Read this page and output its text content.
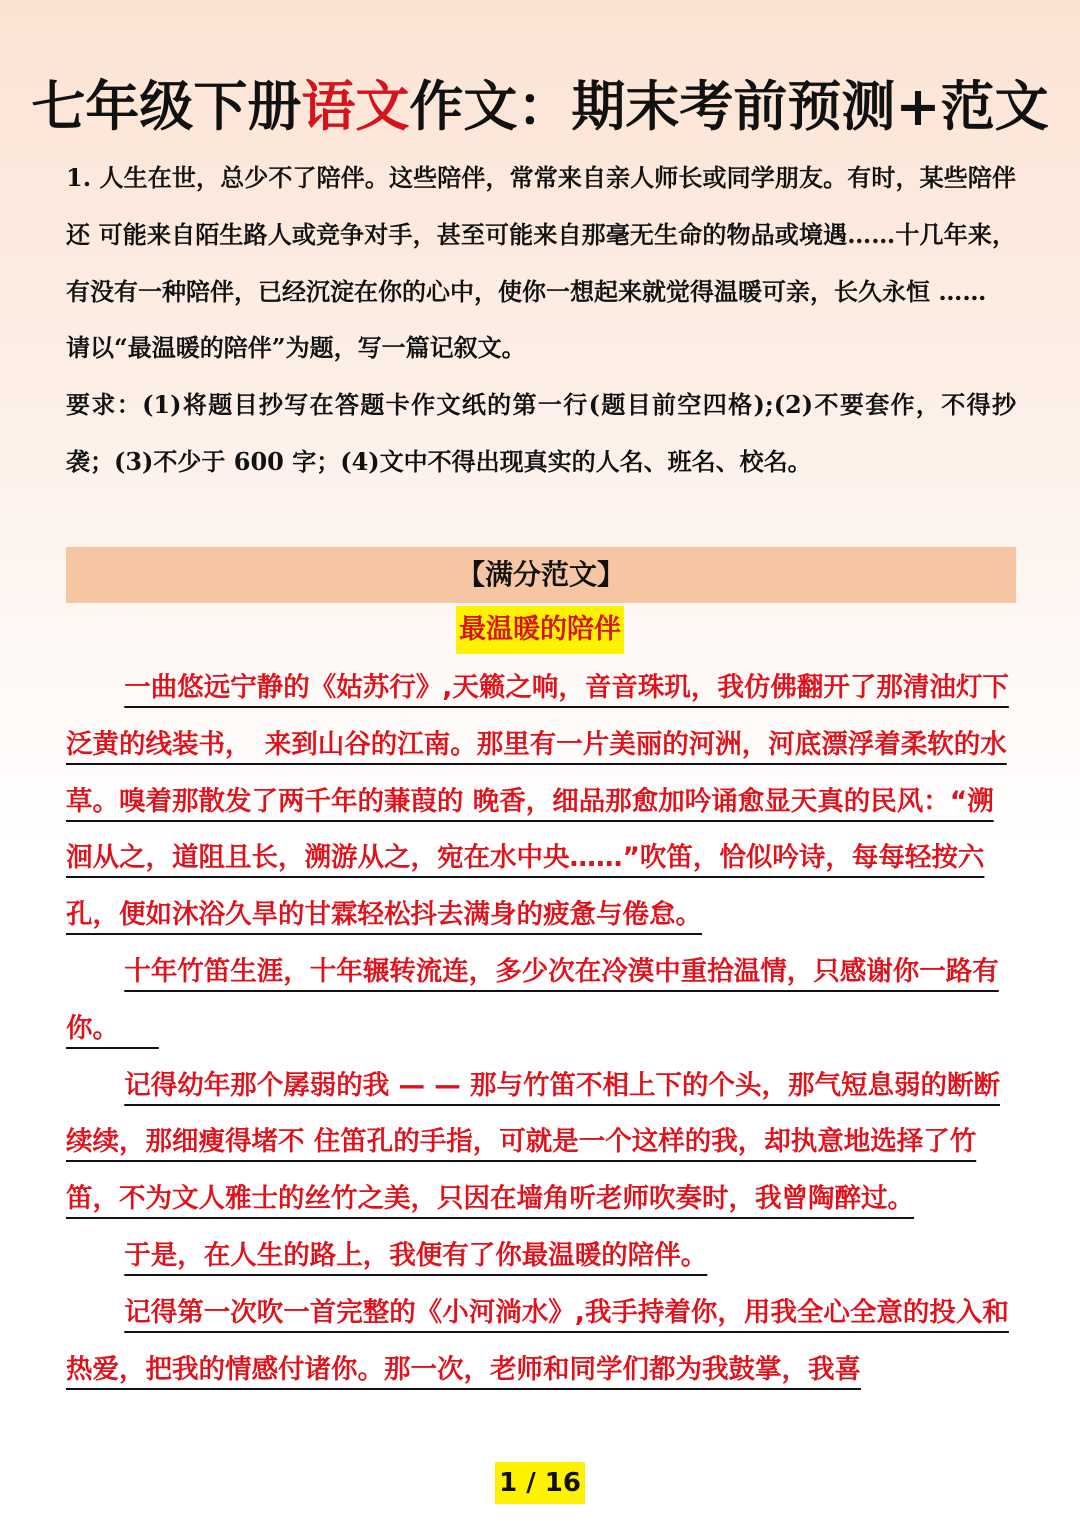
七年级下册语文作文：期末考前预测+范文

1. 人生在世，总少不了陪伴。这些陪伴，常常来自亲人师长或同学朋友。有时，某些陪伴还 可能来自陌生路人或竞争对手，甚至可能来自那毫无生命的物品或境遇……十几年来，有没有一种陪伴，已经沉淀在你的心中，使你一想起来就觉得温暖可亲，长久永恒 ……

请以“最温暖的陪伴”为题，写一篇记叙文。

要求：(1)将题目抄写在答题卡作文纸的第一行(题目前空四格);(2)不要套作，不得抄袭；(3)不少于 600 字；(4)文中不得出现真实的人名、班名、校名。

【满分范文】
最温暖的陪伴

一曲悠远宁静的《姑苏行》,天籁之响，音音珠玑，我仿佛翻开了那清油灯下泛黄的线装书，　来到山谷的江南。那里有一片美丽的河洲，河底漂浮着柔软的水草。嗅着那散发了两千年的蒹葭的 晚香，细品那愈加吟诵愈显天真的民风：“溯洄从之，道阻且长，溯游从之，宛在水中央……”吹笛，恰似吟诗，每每轻按六孔，便如沐浴久旱的甘霖轻松抖去满身的疲惫与倦怠。

十年竹笛生涯，十年辗转流连，多少次在冷漠中重拾温情，只感谢你一路有你。　　

记得幼年那个孱弱的我 — — 那与竹笛不相上下的个头，那气短息弱的断断续续，那细瘦得堵不 住笛孔的手指，可就是一个这样的我，却执意地选择了竹笛，不为文人雅士的丝竹之美，只因在墙角听老师吹奏时，我曾陶醉过。

于是，在人生的路上，我便有了你最温暖的陪伴。

记得第一次吹一首完整的《小河淌水》,我手持着你，用我全心全意的投入和热爱，把我的情感付诸你。那一次，老师和同学们都为我鼓掌，我喜

1 / 16
